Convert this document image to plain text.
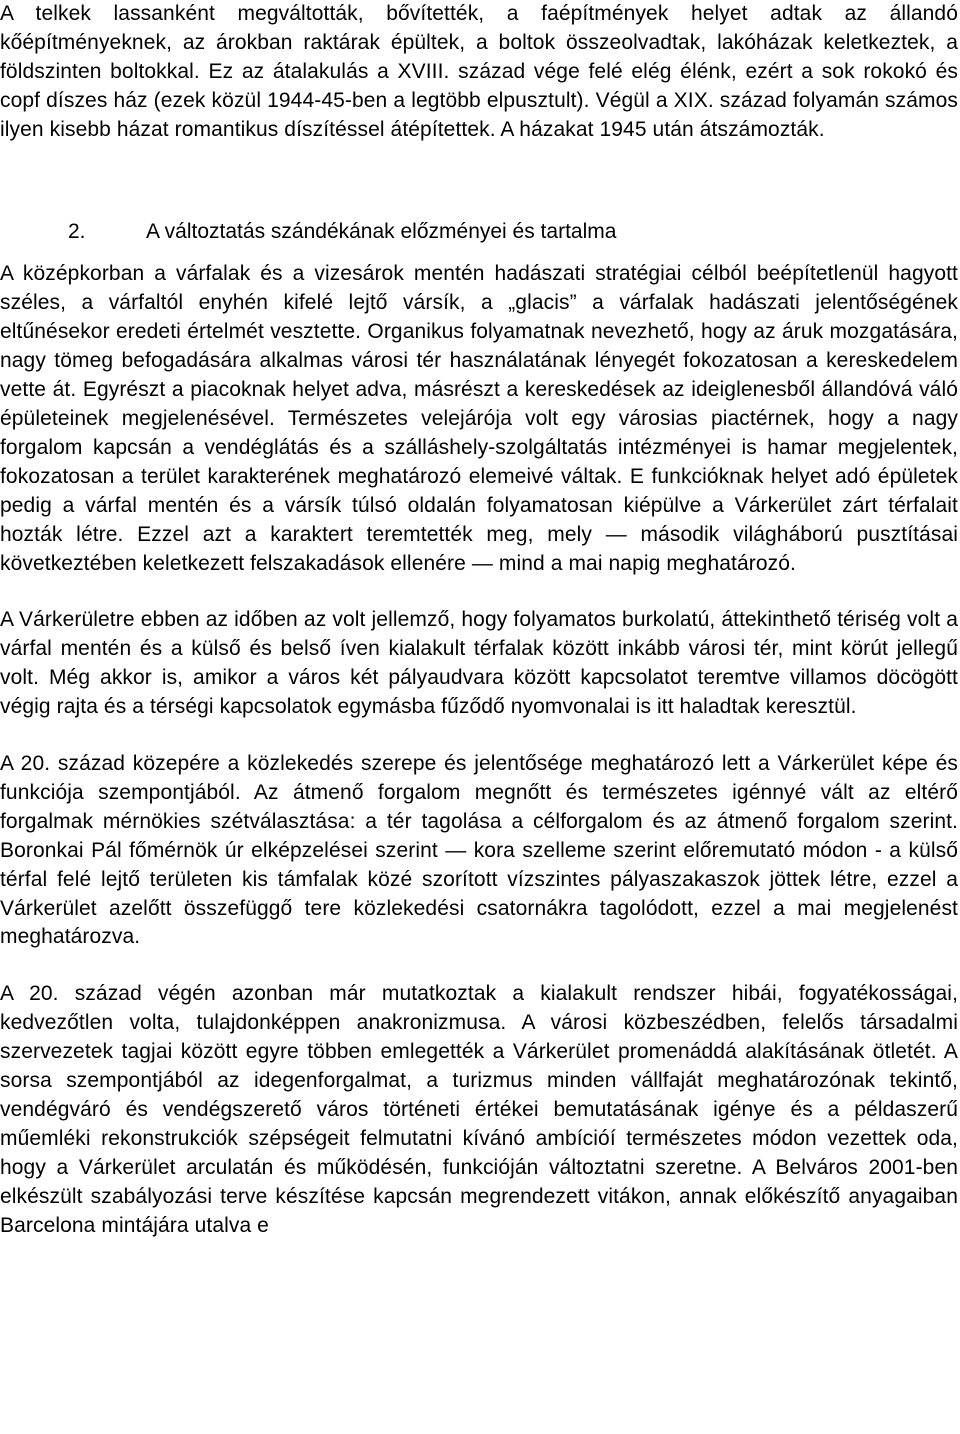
A telkek lassanként megváltották, bővítették, a faépítmények helyet adtak az állandó kőépítményeknek, az árokban raktárak épültek, a boltok összeolvadtak, lakóházak keletkeztek, a földszinten boltokkal. Ez az átalakulás a XVIII. század vége felé elég élénk, ezért a sok rokokó és copf díszes ház (ezek közül 1944-45-ben a legtöbb elpusztult). Végül a XIX. század folyamán számos ilyen kisebb házat romantikus díszítéssel átépítettek. A házakat 1945 után átszámozták.

2.	A változtatás szándékának előzményei és tartalma

A középkorban a várfalak és a vizesárok mentén hadászati stratégiai célból beépítetlenül hagyott széles, a várfaltól enyhén kifelé lejtő vársík, a „glacis” a várfalak hadászati jelentőségének eltűnésekor eredeti értelmét vesztette. Organikus folyamatnak nevezhető, hogy az áruk mozgatására, nagy tömeg befogadására alkalmas városi tér használatának lényegét fokozatosan a kereskedelem vette át. Egyrészt a piacoknak helyet adva, másrészt a kereskedések az ideiglenesből állandóvá váló épületeinek megjelenésével. Természetes velejárója volt egy városias piactérnek, hogy a nagy forgalom kapcsán a vendéglátás és a szálláshely-szolgáltatás intézményei is hamar megjelentek, fokozatosan a terület karakterének meghatározó elemeivé váltak. E funkcióknak helyet adó épületek pedig a várfal mentén és a vársík túlsó oldalán folyamatosan kiépülve a Várkerület zárt térfalait hozták létre. Ezzel azt a karaktert teremtették meg, mely — második világháború pusztításai következtében keletkezett felszakadások ellenére — mind a mai napig meghatározó.

A Várkerületre ebben az időben az volt jellemző, hogy folyamatos burkolatú, áttekinthető tériség volt a várfal mentén és a külső és belső íven kialakult térfalak között inkább városi tér, mint körút jellegű volt. Még akkor is, amikor a város két pályaudvara között kapcsolatot teremtve villamos döcögött végig rajta és a térségi kapcsolatok egymásba fűződő nyomvonalai is itt haladtak keresztül.

A 20. század közepére a közlekedés szerepe és jelentősége meghatározó lett a Várkerület képe és funkciója szempontjából. Az átmenő forgalom megnőtt és természetes igénnyé vált az eltérő forgalmak mérnökies szétválasztása: a tér tagolása a célforgalom és az átmenő forgalom szerint. Boronkai Pál főmérnök úr elképzelései szerint — kora szelleme szerint előremutató módon - a külső térfal felé lejtő területen kis támfalak közé szorított vízszintes pályaszakaszok jöttek létre, ezzel a Várkerület azelőtt összefüggő tere közlekedési csatornákra tagolódott, ezzel a mai megjelenést meghatározva.

A 20. század végén azonban már mutatkoztak a kialakult rendszer hibái, fogyatékosságai, kedvezőtlen volta, tulajdonképpen anakronizmusa. A városi közbeszédben, felelős társadalmi szervezetek tagjai között egyre többen emlegették a Várkerület promenáddá alakításának ötletét. A sorsa szempontjából az idegenforgalmat, a turizmus minden vállfaját meghatározónak tekintő, vendégváró és vendégszerető város történeti értékei bemutatásának igénye és a példaszerű műemléki rekonstrukciók szépségeit felmutatni kívánó ambícióí természetes módon vezettek oda, hogy a Várkerület arculatán és működésén, funkcióján változtatni szeretne. A Belváros 2001-ben elkészült szabályozási terve készítése kapcsán megrendezett vitákon, annak előkészítő anyagaiban Barcelona mintájára utalva e
